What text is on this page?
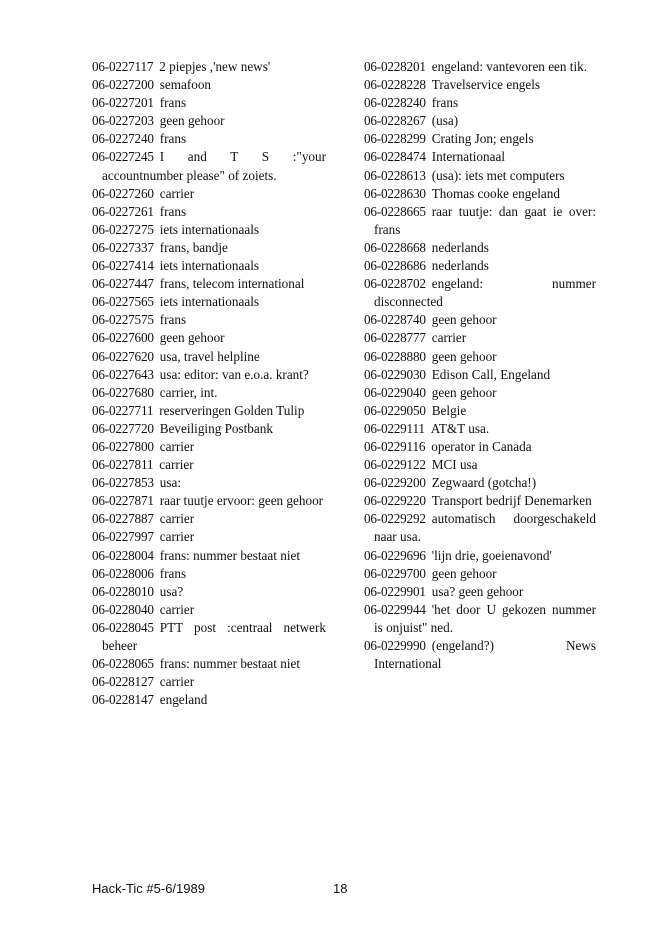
06-0227117 2 piepjes ,'new news'
06-0227200 semafoon
06-0227201 frans
06-0227203 geen gehoor
06-0227240 frans
06-0227245 I and T S :"your accountnumber please" of zoiets.
06-0227260 carrier
06-0227261 frans
06-0227275 iets internationaals
06-0227337 frans, bandje
06-0227414 iets internationaals
06-0227447 frans, telecom international
06-0227565 iets internationaals
06-0227575 frans
06-0227600 geen gehoor
06-0227620 usa, travel helpline
06-0227643 usa: editor: van e.o.a. krant?
06-0227680 carrier, int.
06-0227711 reserveringen Golden Tulip
06-0227720 Beveiliging Postbank
06-0227800 carrier
06-0227811 carrier
06-0227853 usa:
06-0227871 raar tuutje ervoor: geen gehoor
06-0227887 carrier
06-0227997 carrier
06-0228004 frans: nummer bestaat niet
06-0228006 frans
06-0228010 usa?
06-0228040 carrier
06-0228045 PTT post :centraal netwerk beheer
06-0228065 frans: nummer bestaat niet
06-0228127 carrier
06-0228147 engeland
06-0228201 engeland: vantevoren een tik.
06-0228228 Travelservice engels
06-0228240 frans
06-0228267 (usa)
06-0228299 Crating Jon; engels
06-0228474 Internationaal
06-0228613 (usa): iets met computers
06-0228630 Thomas cooke engeland
06-0228665 raar tuutje: dan gaat ie over: frans
06-0228668 nederlands
06-0228686 nederlands
06-0228702 engeland: nummer disconnected
06-0228740 geen gehoor
06-0228777 carrier
06-0228880 geen gehoor
06-0229030 Edison Call, Engeland
06-0229040 geen gehoor
06-0229050 Belgie
06-0229111 AT&T usa.
06-0229116 operator in Canada
06-0229122 MCI usa
06-0229200 Zegwaard (gotcha!)
06-0229220 Transport bedrijf Denemarken
06-0229292 automatisch doorgeschakeld naar usa.
06-0229696 'lijn drie, goeienavond'
06-0229700 geen gehoor
06-0229901 usa? geen gehoor
06-0229944 'het door U gekozen nummer is onjuist" ned.
06-0229990 (engeland?) News International
Hack-Tic #5-6/1989	18
